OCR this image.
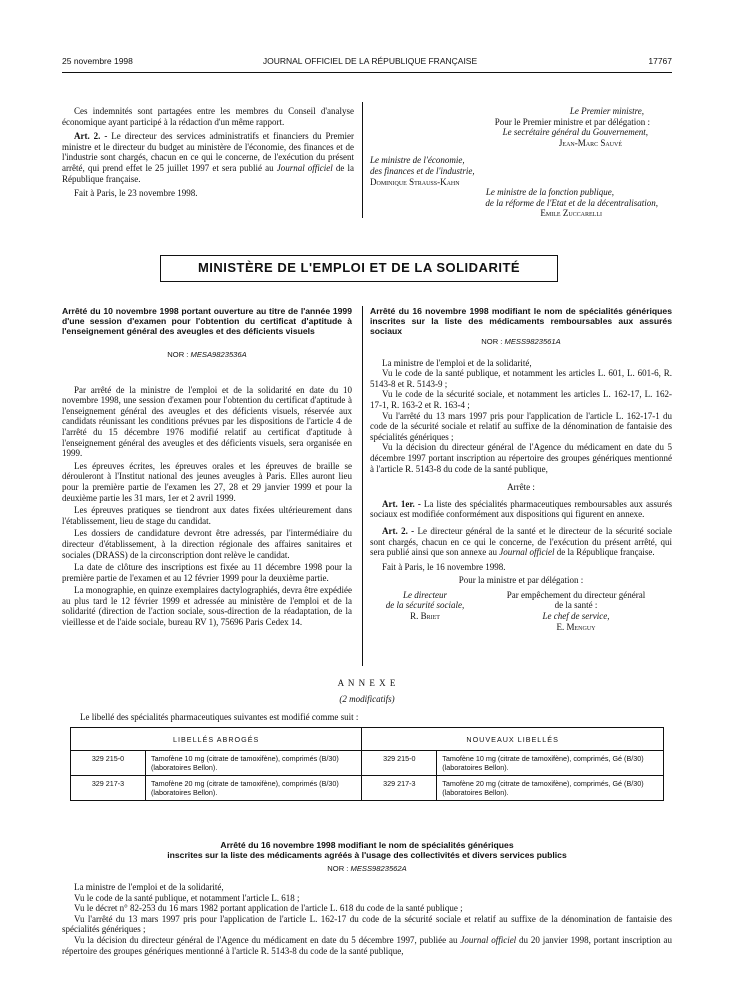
25 novembre 1998	JOURNAL OFFICIEL DE LA RÉPUBLIQUE FRANÇAISE	17767

Ces indemnités sont partagées entre les membres du Conseil d'analyse économique ayant participé à la rédaction d'un même rapport.

Art. 2. - Le directeur des services administratifs et financiers du Premier ministre et le directeur du budget au ministère de l'économie, des finances et de l'industrie sont chargés, chacun en ce qui le concerne, de l'exécution du présent arrêté, qui prend effet le 25 juillet 1997 et sera publié au Journal officiel de la République française.

Fait à Paris, le 23 novembre 1998.

Le Premier ministre,
Pour le Premier ministre et par délégation :
Le secrétaire général du Gouvernement,
Jean-Marc Sauvé
Le ministre de l'économie,
des finances et de l'industrie,
Dominique Strauss-Kahn
Le ministre de la fonction publique,
de la réforme de l'Etat et de la décentralisation,
Emile Zuccarelli
MINISTÈRE DE L'EMPLOI ET DE LA SOLIDARITÉ
Arrêté du 10 novembre 1998 portant ouverture au titre de l'année 1999 d'une session d'examen pour l'obtention du certificat d'aptitude à l'enseignement général des aveugles et des déficients visuels
NOR : MESA9823536A

Par arrêté de la ministre de l'emploi et de la solidarité en date du 10 novembre 1998, une session d'examen pour l'obtention du certificat d'aptitude à l'enseignement général des aveugles et des déficients visuels, réservée aux candidats réunissant les conditions prévues par les dispositions de l'article 4 de l'arrêté du 15 décembre 1976 modifié relatif au certificat d'aptitude à l'enseignement général des aveugles et des déficients visuels, sera organisée en 1999.

Les épreuves écrites, les épreuves orales et les épreuves de braille se dérouleront à l'Institut national des jeunes aveugles à Paris. Elles auront lieu pour la première partie de l'examen les 27, 28 et 29 janvier 1999 et pour la deuxième partie les 31 mars, 1er et 2 avril 1999.

Les épreuves pratiques se tiendront aux dates fixées ultérieurement dans l'établissement, lieu de stage du candidat.

Les dossiers de candidature devront être adressés, par l'intermédiaire du directeur d'établissement, à la direction régionale des affaires sanitaires et sociales (DRASS) de la circonscription dont relève le candidat.

La date de clôture des inscriptions est fixée au 11 décembre 1998 pour la première partie de l'examen et au 12 février 1999 pour la deuxième partie.

La monographie, en quinze exemplaires dactylographiés, devra être expédiée au plus tard le 12 février 1999 et adressée au ministère de l'emploi et de la solidarité (direction de l'action sociale, sous-direction de la réadaptation, de la vieillesse et de l'aide sociale, bureau RV 1), 75696 Paris Cedex 14.

Arrêté du 16 novembre 1998 modifiant le nom de spécialités génériques inscrites sur la liste des médicaments remboursables aux assurés sociaux
NOR : MESS9823561A

La ministre de l'emploi et de la solidarité,

Vu le code de la santé publique, et notamment les articles L. 601, L. 601-6, R. 5143-8 et R. 5143-9 ;

Vu le code de la sécurité sociale, et notamment les articles L. 162-17, L. 162-17-1, R. 163-2 et R. 163-4 ;

Vu l'arrêté du 13 mars 1997 pris pour l'application de l'article L. 162-17-1 du code de la sécurité sociale et relatif au suffixe de la dénomination de fantaisie des spécialités génériques ;

Vu la décision du directeur général de l'Agence du médicament en date du 5 décembre 1997 portant inscription au répertoire des groupes génériques mentionné à l'article R. 5143-8 du code de la santé publique,

Arrête :

Art. 1er. - La liste des spécialités pharmaceutiques remboursables aux assurés sociaux est modifiée conformément aux dispositions qui figurent en annexe.

Art. 2. - Le directeur général de la santé et le directeur de la sécurité sociale sont chargés, chacun en ce qui le concerne, de l'exécution du présent arrêté, qui sera publié ainsi que son annexe au Journal officiel de la République française.

Fait à Paris, le 16 novembre 1998.

Pour la ministre et par délégation :
Le directeur
de la sécurité sociale,
R. Briet
Par empêchement du directeur général
de la santé :
Le chef de service,
E. Menguy
A N N E X E
(2 modificatifs)
Le libellé des spécialités pharmaceutiques suivantes est modifié comme suit :
LIBELLÉS ABROGÉS		NOUVEAUX LIBELLÉS	
329 215-0	Tamofène 10 mg (citrate de tamoxifène), comprimés (B/30) (laboratoires Bellon).	329 215-0	Tamofène 10 mg (citrate de tamoxifène), comprimés, Gé (B/30) (laboratoires Bellon).
329 217-3	Tamofène 20 mg (citrate de tamoxifène), comprimés (B/30) (laboratoires Bellon).	329 217-3	Tamofène 20 mg (citrate de tamoxifène), comprimés, Gé (B/30) (laboratoires Bellon).
Arrêté du 16 novembre 1998 modifiant le nom de spécialités génériques
inscrites sur la liste des médicaments agréés à l'usage des collectivités et divers services publics
NOR : MESS9823562A

La ministre de l'emploi et de la solidarité,

Vu le code de la santé publique, et notamment l'article L. 618 ;

Vu le décret n° 82-253 du 16 mars 1982 portant application de l'article L. 618 du code de la santé publique ;

Vu l'arrêté du 13 mars 1997 pris pour l'application de l'article L. 162-17 du code de la sécurité sociale et relatif au suffixe de la dénomination de fantaisie des spécialités génériques ;

Vu la décision du directeur général de l'Agence du médicament en date du 5 décembre 1997, publiée au Journal officiel du 20 janvier 1998, portant inscription au répertoire des groupes génériques mentionné à l'article R. 5143-8 du code de la santé publique,
